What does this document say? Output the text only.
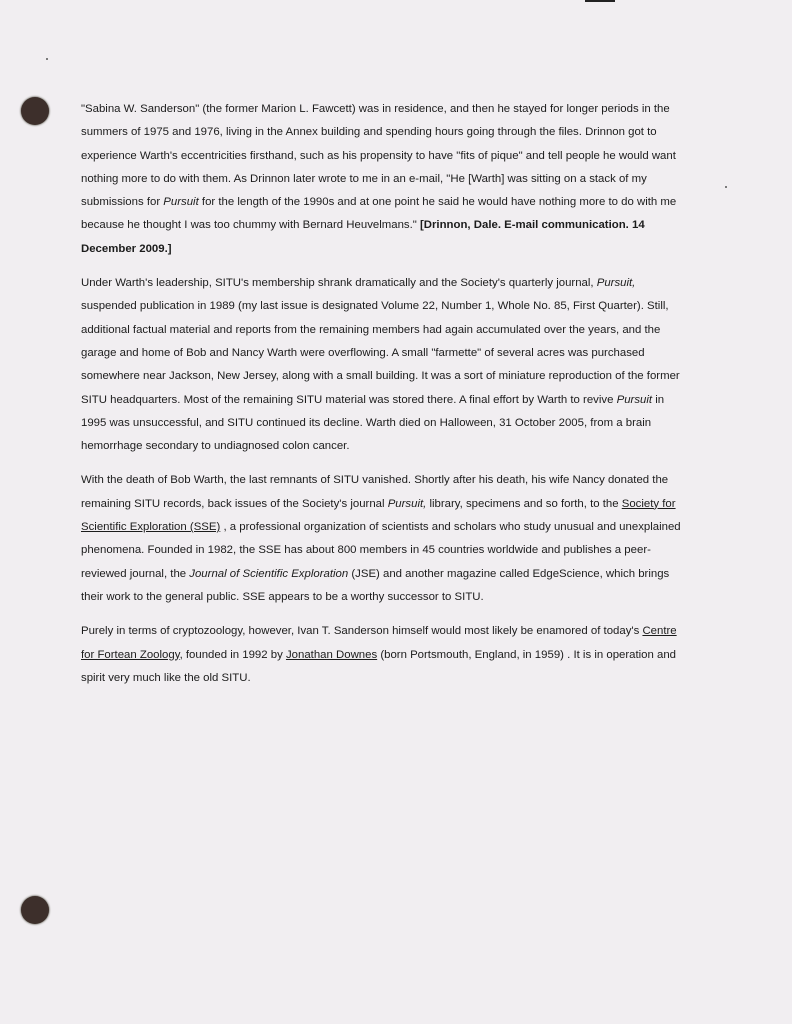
"Sabina W. Sanderson" (the former Marion L. Fawcett) was in residence, and then he stayed for longer periods in the summers of 1975 and 1976, living in the Annex building and spending hours going through the files. Drinnon got to experience Warth's eccentricities firsthand, such as his propensity to have "fits of pique" and tell people he would want nothing more to do with them. As Drinnon later wrote to me in an e-mail, "He [Warth] was sitting on a stack of my submissions for Pursuit for the length of the 1990s and at one point he said he would have nothing more to do with me because he thought I was too chummy with Bernard Heuvelmans." [Drinnon, Dale. E-mail communication. 14 December 2009.]

Under Warth's leadership, SITU's membership shrank dramatically and the Society's quarterly journal, Pursuit, suspended publication in 1989 (my last issue is designated Volume 22, Number 1, Whole No. 85, First Quarter). Still, additional factual material and reports from the remaining members had again accumulated over the years, and the garage and home of Bob and Nancy Warth were overflowing. A small "farmette" of several acres was purchased somewhere near Jackson, New Jersey, along with a small building. It was a sort of miniature reproduction of the former SITU headquarters. Most of the remaining SITU material was stored there. A final effort by Warth to revive Pursuit in 1995 was unsuccessful, and SITU continued its decline. Warth died on Halloween, 31 October 2005, from a brain hemorrhage secondary to undiagnosed colon cancer.

With the death of Bob Warth, the last remnants of SITU vanished. Shortly after his death, his wife Nancy donated the remaining SITU records, back issues of the Society's journal Pursuit, library, specimens and so forth, to the Society for Scientific Exploration (SSE) , a professional organization of scientists and scholars who study unusual and unexplained phenomena. Founded in 1982, the SSE has about 800 members in 45 countries worldwide and publishes a peer-reviewed journal, the Journal of Scientific Exploration (JSE) and another magazine called EdgeScience, which brings their work to the general public. SSE appears to be a worthy successor to SITU.

Purely in terms of cryptozoology, however, Ivan T. Sanderson himself would most likely be enamored of today's Centre for Fortean Zoology, founded in 1992 by Jonathan Downes (born Portsmouth, England, in 1959) . It is in operation and spirit very much like the old SITU.
